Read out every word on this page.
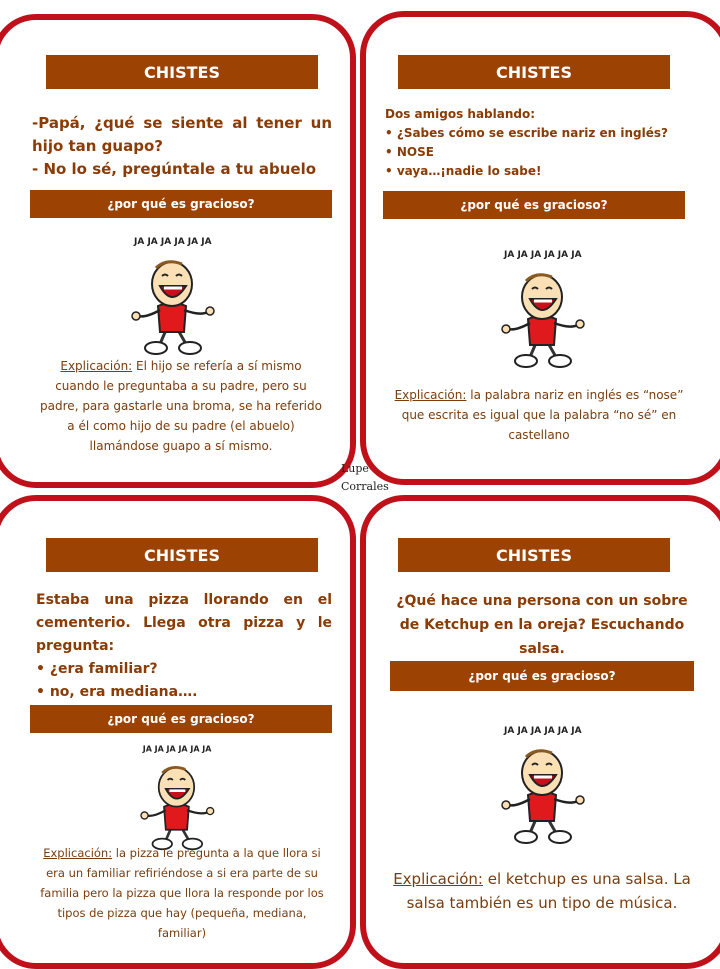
CHISTES
-Papá, ¿qué se siente al tener un hijo tan guapo?
- No lo sé, pregúntale a tu abuelo
¿por qué es gracioso?
JA JA JA JA JA JA
Explicación: El hijo se refería a sí mismo cuando le preguntaba a su padre, pero su padre, para gastarle una broma, se ha referido a él como hijo de su padre (el abuelo) llamándose guapo a sí mismo.
CHISTES
Dos amigos hablando:
• ¿Sabes cómo se escribe nariz en inglés?
• NOSE
• vaya…¡nadie lo sabe!
¿por qué es gracioso?
JA JA JA JA JA JA
Explicación: la palabra nariz en inglés es “nose” que escrita es igual que la palabra “no sé” en castellano
Lupe
Corrales
CHISTES
Estaba una pizza llorando en el cementerio. Llega otra pizza y le pregunta:
• ¿era familiar?
• no, era mediana….
¿por qué es gracioso?
JA JA JA JA JA JA
Explicación: la pizza le pregunta a la que llora si era un familiar refiriéndose a si era parte de su familia pero la pizza que llora la responde por los tipos de pizza que hay (pequeña, mediana, familiar)
CHISTES
¿Qué hace una persona con un sobre de Ketchup en la oreja? Escuchando salsa.
¿por qué es gracioso?
JA JA JA JA JA JA
Explicación: el ketchup es una salsa. La salsa también es un tipo de música.
